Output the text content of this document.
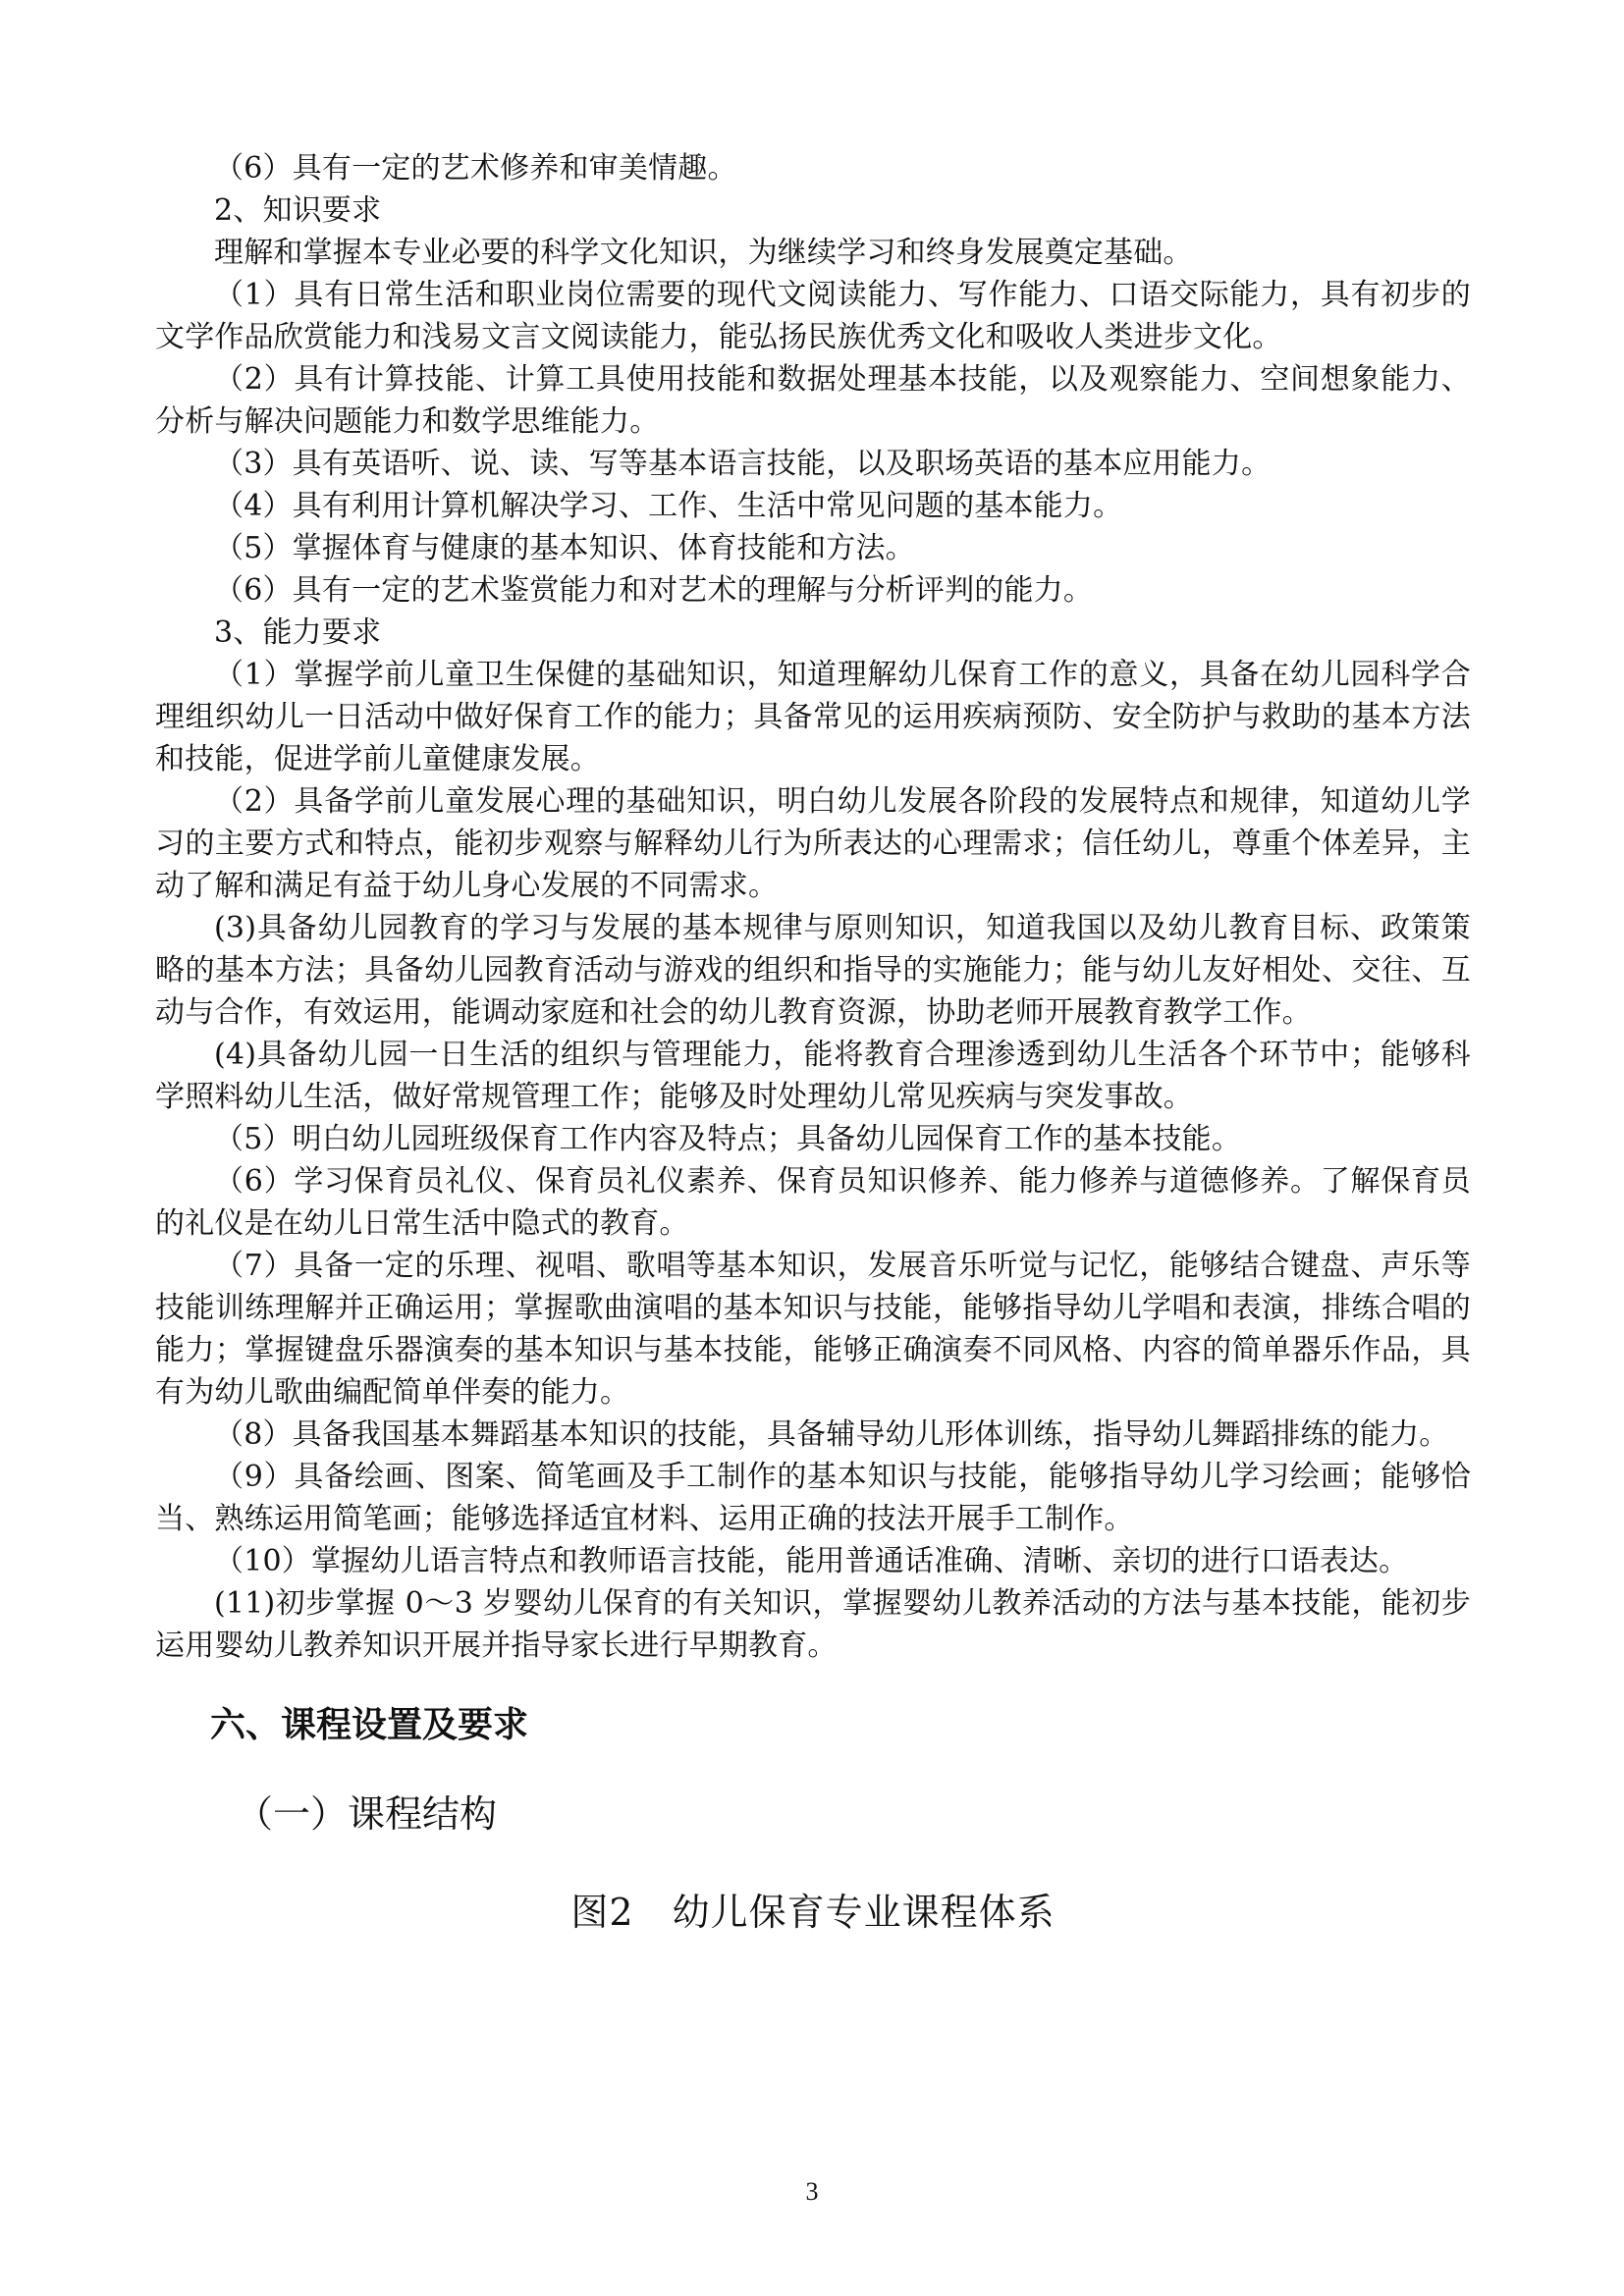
（6）具有一定的艺术修养和审美情趣。

2、知识要求

理解和掌握本专业必要的科学文化知识，为继续学习和终身发展奠定基础。

（1）具有日常生活和职业岗位需要的现代文阅读能力、写作能力、口语交际能力，具有初步的文学作品欣赏能力和浅易文言文阅读能力，能弘扬民族优秀文化和吸收人类进步文化。

（2）具有计算技能、计算工具使用技能和数据处理基本技能，以及观察能力、空间想象能力、分析与解决问题能力和数学思维能力。

（3）具有英语听、说、读、写等基本语言技能，以及职场英语的基本应用能力。

（4）具有利用计算机解决学习、工作、生活中常见问题的基本能力。

（5）掌握体育与健康的基本知识、体育技能和方法。

（6）具有一定的艺术鉴赏能力和对艺术的理解与分析评判的能力。

3、能力要求

（1）掌握学前儿童卫生保健的基础知识，知道理解幼儿保育工作的意义，具备在幼儿园科学合理组织幼儿一日活动中做好保育工作的能力；具备常见的运用疾病预防、安全防护与救助的基本方法和技能，促进学前儿童健康发展。

（2）具备学前儿童发展心理的基础知识，明白幼儿发展各阶段的发展特点和规律，知道幼儿学习的主要方式和特点，能初步观察与解释幼儿行为所表达的心理需求；信任幼儿，尊重个体差异，主动了解和满足有益于幼儿身心发展的不同需求。

(3)具备幼儿园教育的学习与发展的基本规律与原则知识，知道我国以及幼儿教育目标、政策策略的基本方法；具备幼儿园教育活动与游戏的组织和指导的实施能力；能与幼儿友好相处、交往、互动与合作，有效运用，能调动家庭和社会的幼儿教育资源，协助老师开展教育教学工作。

(4)具备幼儿园一日生活的组织与管理能力，能将教育合理渗透到幼儿生活各个环节中；能够科学照料幼儿生活，做好常规管理工作；能够及时处理幼儿常见疾病与突发事故。

（5）明白幼儿园班级保育工作内容及特点；具备幼儿园保育工作的基本技能。

（6）学习保育员礼仪、保育员礼仪素养、保育员知识修养、能力修养与道德修养。了解保育员的礼仪是在幼儿日常生活中隐式的教育。

（7）具备一定的乐理、视唱、歌唱等基本知识，发展音乐听觉与记忆，能够结合键盘、声乐等技能训练理解并正确运用；掌握歌曲演唱的基本知识与技能，能够指导幼儿学唱和表演，排练合唱的能力；掌握键盘乐器演奏的基本知识与基本技能，能够正确演奏不同风格、内容的简单器乐作品，具有为幼儿歌曲编配简单伴奏的能力。

（8）具备我国基本舞蹈基本知识的技能，具备辅导幼儿形体训练，指导幼儿舞蹈排练的能力。

（9）具备绘画、图案、简笔画及手工制作的基本知识与技能，能够指导幼儿学习绘画；能够恰当、熟练运用简笔画；能够选择适宜材料、运用正确的技法开展手工制作。

（10）掌握幼儿语言特点和教师语言技能，能用普通话准确、清晰、亲切的进行口语表达。

(11)初步掌握 0～3 岁婴幼儿保育的有关知识，掌握婴幼儿教养活动的方法与基本技能，能初步运用婴幼儿教养知识开展并指导家长进行早期教育。

六、课程设置及要求
（一）课程结构
图2　幼儿保育专业课程体系
3
